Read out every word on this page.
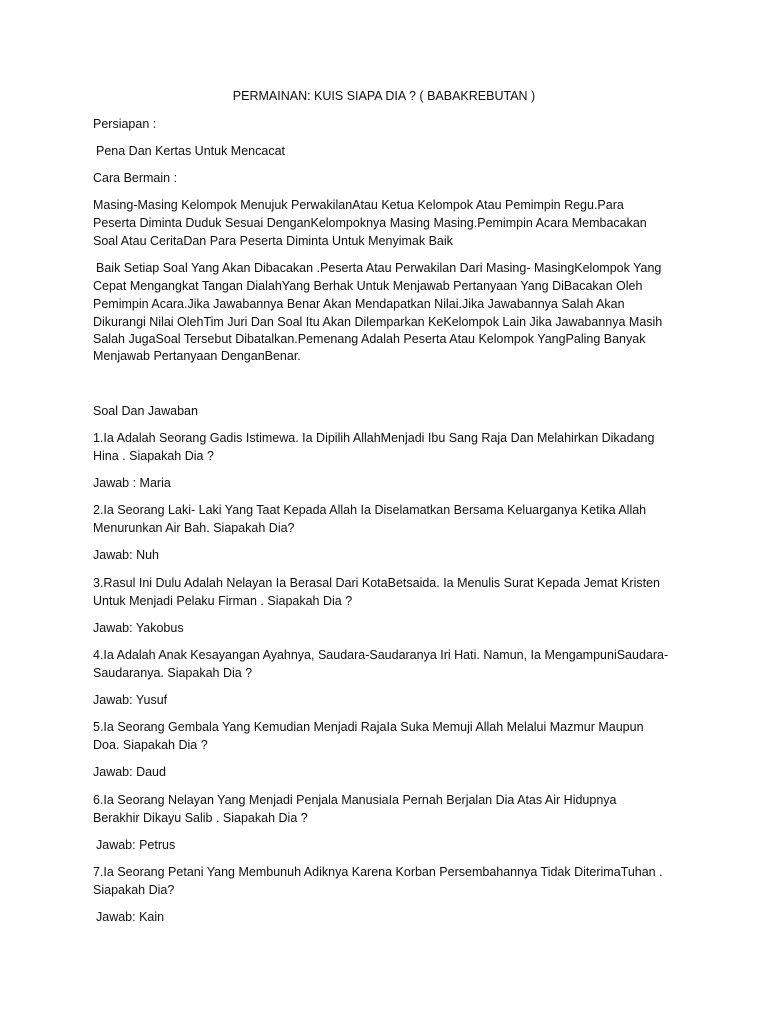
PERMAINAN: KUIS SIAPA DIA ? ( BABAKREBUTAN )
Persiapan :
Pena Dan Kertas Untuk Mencacat
Cara Bermain :
Masing-Masing Kelompok Menujuk PerwakilanAtau Ketua Kelompok Atau Pemimpin Regu.Para
Peserta Diminta Duduk Sesuai DenganKelompoknya Masing Masing.Pemimpin Acara Membacakan
Soal Atau CeritaDan Para Peserta Diminta Untuk Menyimak Baik
Baik Setiap Soal Yang Akan Dibacakan .Peserta Atau Perwakilan Dari Masing- MasingKelompok Yang
Cepat Mengangkat Tangan DialahYang Berhak Untuk Menjawab Pertanyaan Yang DiBacakan Oleh
Pemimpin Acara.Jika Jawabannya Benar Akan Mendapatkan Nilai.Jika Jawabannya Salah Akan
Dikurangi Nilai OlehTim Juri Dan Soal Itu Akan Dilemparkan KeKelompok Lain Jika Jawabannya Masih
Salah JugaSoal Tersebut Dibatalkan.Pemenang Adalah Peserta Atau Kelompok YangPaling Banyak
Menjawab Pertanyaan DenganBenar.
Soal Dan Jawaban
1.Ia Adalah Seorang Gadis Istimewa. Ia Dipilih AllahMenjadi Ibu Sang Raja Dan Melahirkan Dikadang
Hina . Siapakah Dia ?
Jawab : Maria
2.Ia Seorang Laki- Laki Yang Taat Kepada Allah Ia Diselamatkan Bersama Keluarganya Ketika Allah
Menurunkan Air Bah. Siapakah Dia?
Jawab: Nuh
3.Rasul Ini Dulu Adalah Nelayan Ia Berasal Dari KotaBetsaida. Ia Menulis Surat Kepada Jemat Kristen
Untuk Menjadi Pelaku Firman . Siapakah Dia ?
Jawab: Yakobus
4.Ia Adalah Anak Kesayangan Ayahnya, Saudara-Saudaranya Iri Hati. Namun, Ia MengampuniSaudara-
Saudaranya. Siapakah Dia ?
Jawab: Yusuf
5.Ia Seorang Gembala Yang Kemudian Menjadi RajaIa Suka Memuji Allah Melalui Mazmur Maupun
Doa. Siapakah Dia ?
Jawab: Daud
6.Ia Seorang Nelayan Yang Menjadi Penjala ManusiaIa Pernah Berjalan Dia Atas Air Hidupnya
Berakhir Dikayu Salib . Siapakah Dia ?
Jawab: Petrus
7.Ia Seorang Petani Yang Membunuh Adiknya Karena Korban Persembahannya Tidak DiterimaTuhan .
Siapakah Dia?
Jawab: Kain
